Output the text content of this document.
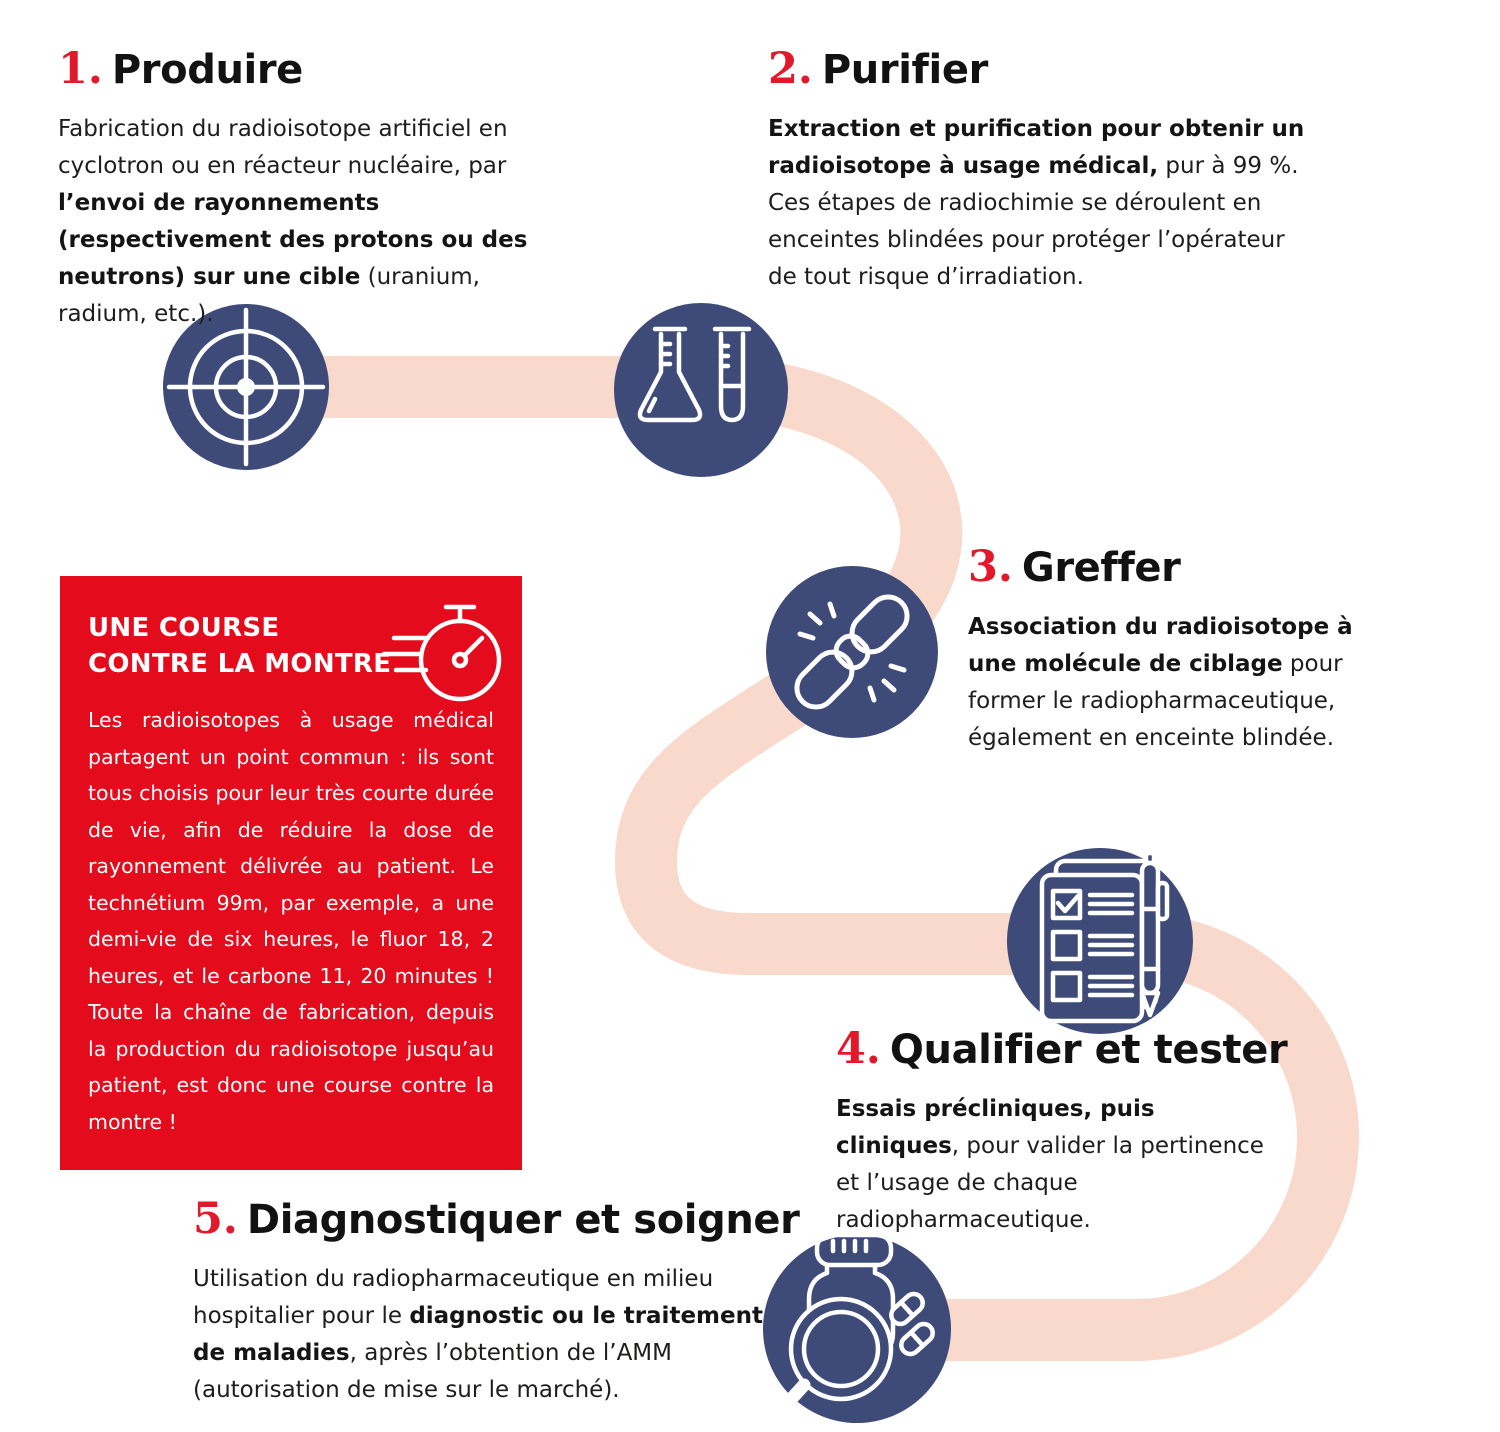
1. Produire

Fabrication du radioisotope artificiel en cyclotron ou en réacteur nucléaire, par l’envoi de rayonnements (respectivement des protons ou des neutrons) sur une cible (uranium, radium, etc.).

2. Purifier

Extraction et purification pour obtenir un radioisotope à usage médical, pur à 99 %. Ces étapes de radiochimie se déroulent en enceintes blindées pour protéger l’opérateur de tout risque d’irradiation.

3. Greffer

Association du radioisotope à une molécule de ciblage pour former le radiopharmaceutique, également en enceinte blindée.

4. Qualifier et tester

Essais précliniques, puis cliniques, pour valider la pertinence et l’usage de chaque radiopharmaceutique.

5. Diagnostiquer et soigner

Utilisation du radiopharmaceutique en milieu hospitalier pour le diagnostic ou le traitement de maladies, après l’obtention de l’AMM (autorisation de mise sur le marché).

UNE COURSE
CONTRE LA MONTRE

Les radioisotopes à usage médical partagent un point commun : ils sont tous choisis pour leur très courte durée de vie, afin de réduire la dose de rayonnement délivrée au patient. Le technétium 99m, par exemple, a une demi-vie de six heures, le fluor 18, 2 heures, et le carbone 11, 20 minutes ! Toute la chaîne de fabrication, depuis la production du radioisotope jusqu’au patient, est donc une course contre la montre !
